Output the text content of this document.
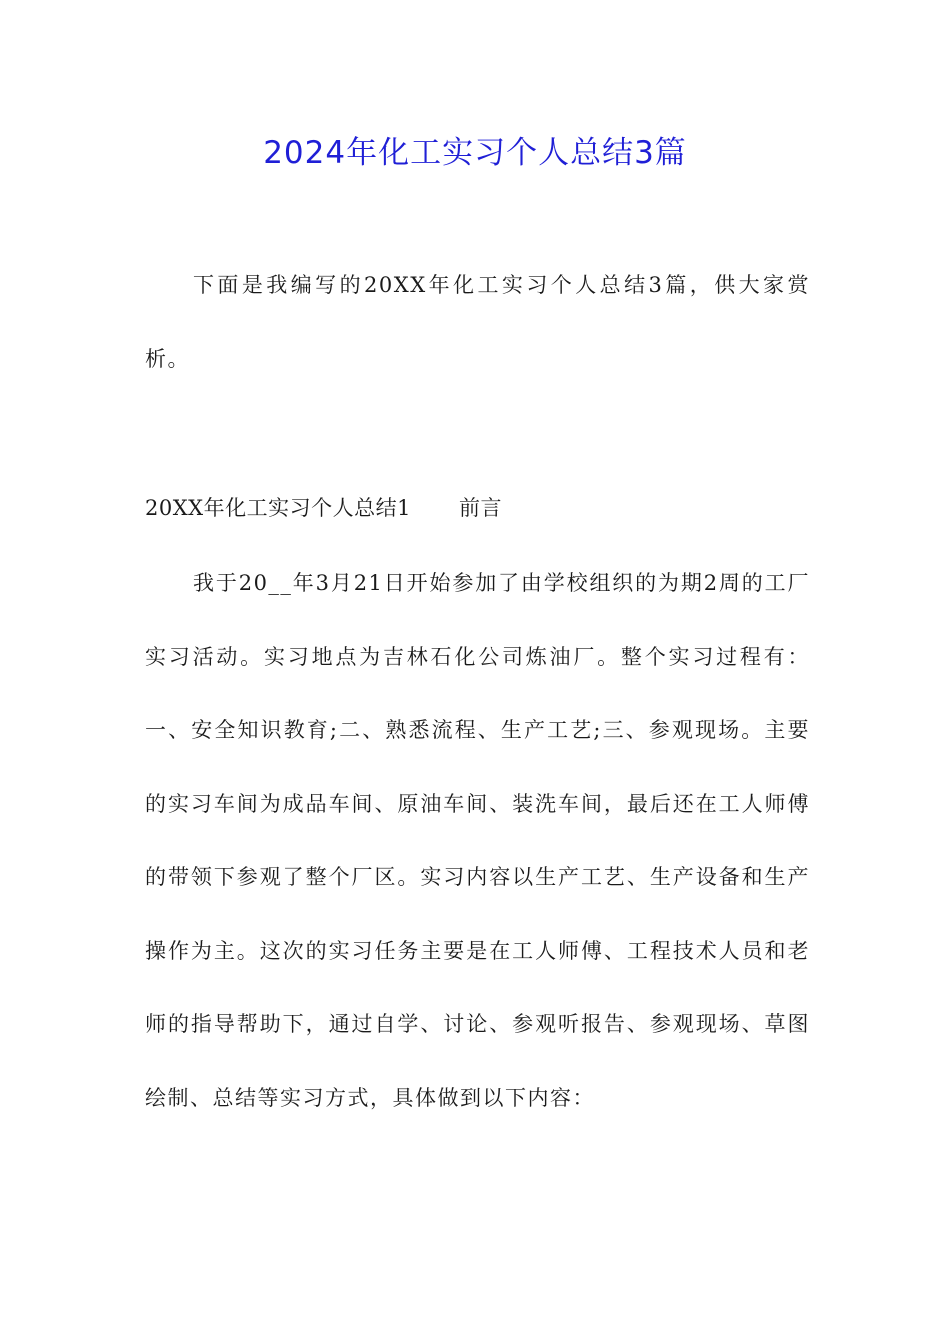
2024年化工实习个人总结3篇

下面是我编写的20XX年化工实习个人总结3篇，供大家赏析。

20XX年化工实习个人总结1 前言

我于20__年3月21日开始参加了由学校组织的为期2周的工厂实习活动。实习地点为吉林石化公司炼油厂。整个实习过程有：一、安全知识教育;二、熟悉流程、生产工艺;三、参观现场。主要的实习车间为成品车间、原油车间、装洗车间，最后还在工人师傅的带领下参观了整个厂区。实习内容以生产工艺、生产设备和生产操作为主。这次的实习任务主要是在工人师傅、工程技术人员和老师的指导帮助下，通过自学、讨论、参观听报告、参观现场、草图绘制、总结等实习方式，具体做到以下内容：
